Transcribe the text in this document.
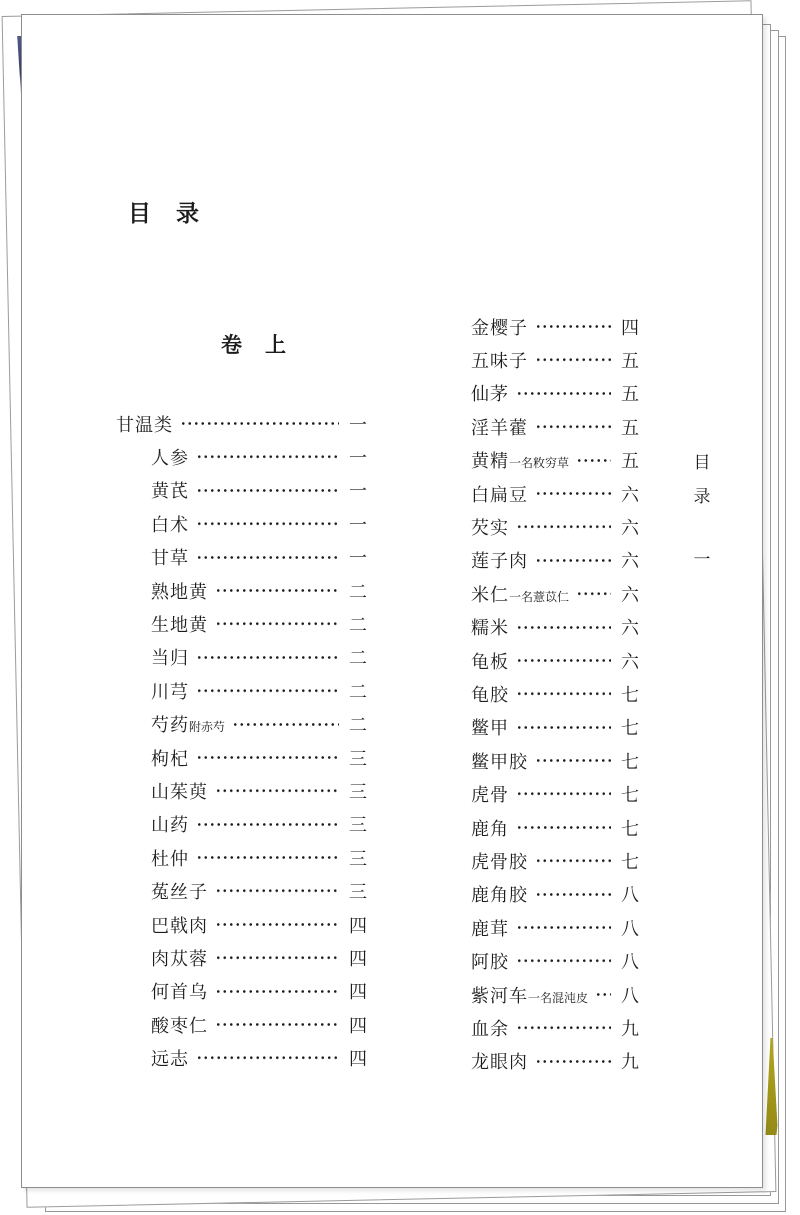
目　录
卷　上
甘温类	一
人参	一
黄芪	一
白术	一
甘草	一
熟地黄	二
生地黄	二
当归	二
川芎	二
芍药附赤芍	二
枸杞	三
山茱萸	三
山药	三
杜仲	三
菟丝子	三
巴戟肉	四
肉苁蓉	四
何首乌	四
酸枣仁	四
远志	四
金樱子	四
五味子	五
仙茅	五
淫羊藿	五
黄精一名敉穷草	五
白扁豆	六
芡实	六
莲子肉	六
米仁一名薏苡仁	六
糯米	六
龟板	六
龟胶	七
鳖甲	七
鳖甲胶	七
虎骨	七
鹿角	七
虎骨胶	七
鹿角胶	八
鹿茸	八
阿胶	八
紫河车一名混沌皮 八
血余	九
龙眼肉	九
目
录
一
